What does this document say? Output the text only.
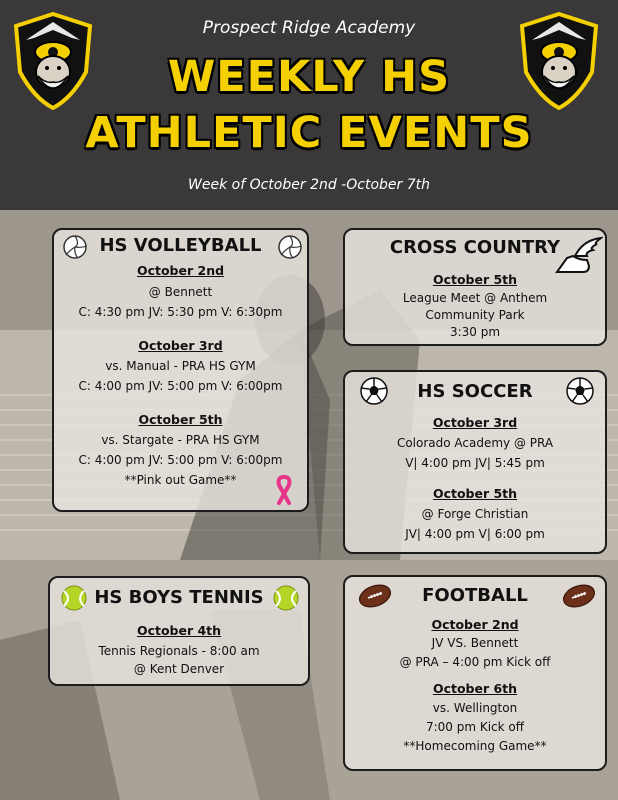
Prospect Ridge Academy
WEEKLY HS
ATHLETIC EVENTS
Week of October 2nd -October 7th
HS VOLLEYBALL
October 2nd
@ Bennett
C: 4:30 pm JV: 5:30 pm V: 6:30pm
October 3rd
vs. Manual - PRA HS GYM
C: 4:00 pm JV: 5:00 pm V: 6:00pm
October 5th
vs. Stargate - PRA HS GYM
C: 4:00 pm JV: 5:00 pm V: 6:00pm
**Pink out Game**
CROSS COUNTRY
October 5th
League Meet @ Anthem
Community Park
3:30 pm
HS SOCCER
October 3rd
Colorado Academy @ PRA
V| 4:00 pm JV| 5:45 pm
October 5th
@ Forge Christian
JV| 4:00 pm V| 6:00 pm
HS BOYS TENNIS
October 4th
Tennis Regionals - 8:00 am
@ Kent Denver
FOOTBALL
October 2nd
JV VS. Bennett
@ PRA – 4:00 pm Kick off
October 6th
vs. Wellington
7:00 pm Kick off
**Homecoming Game**
